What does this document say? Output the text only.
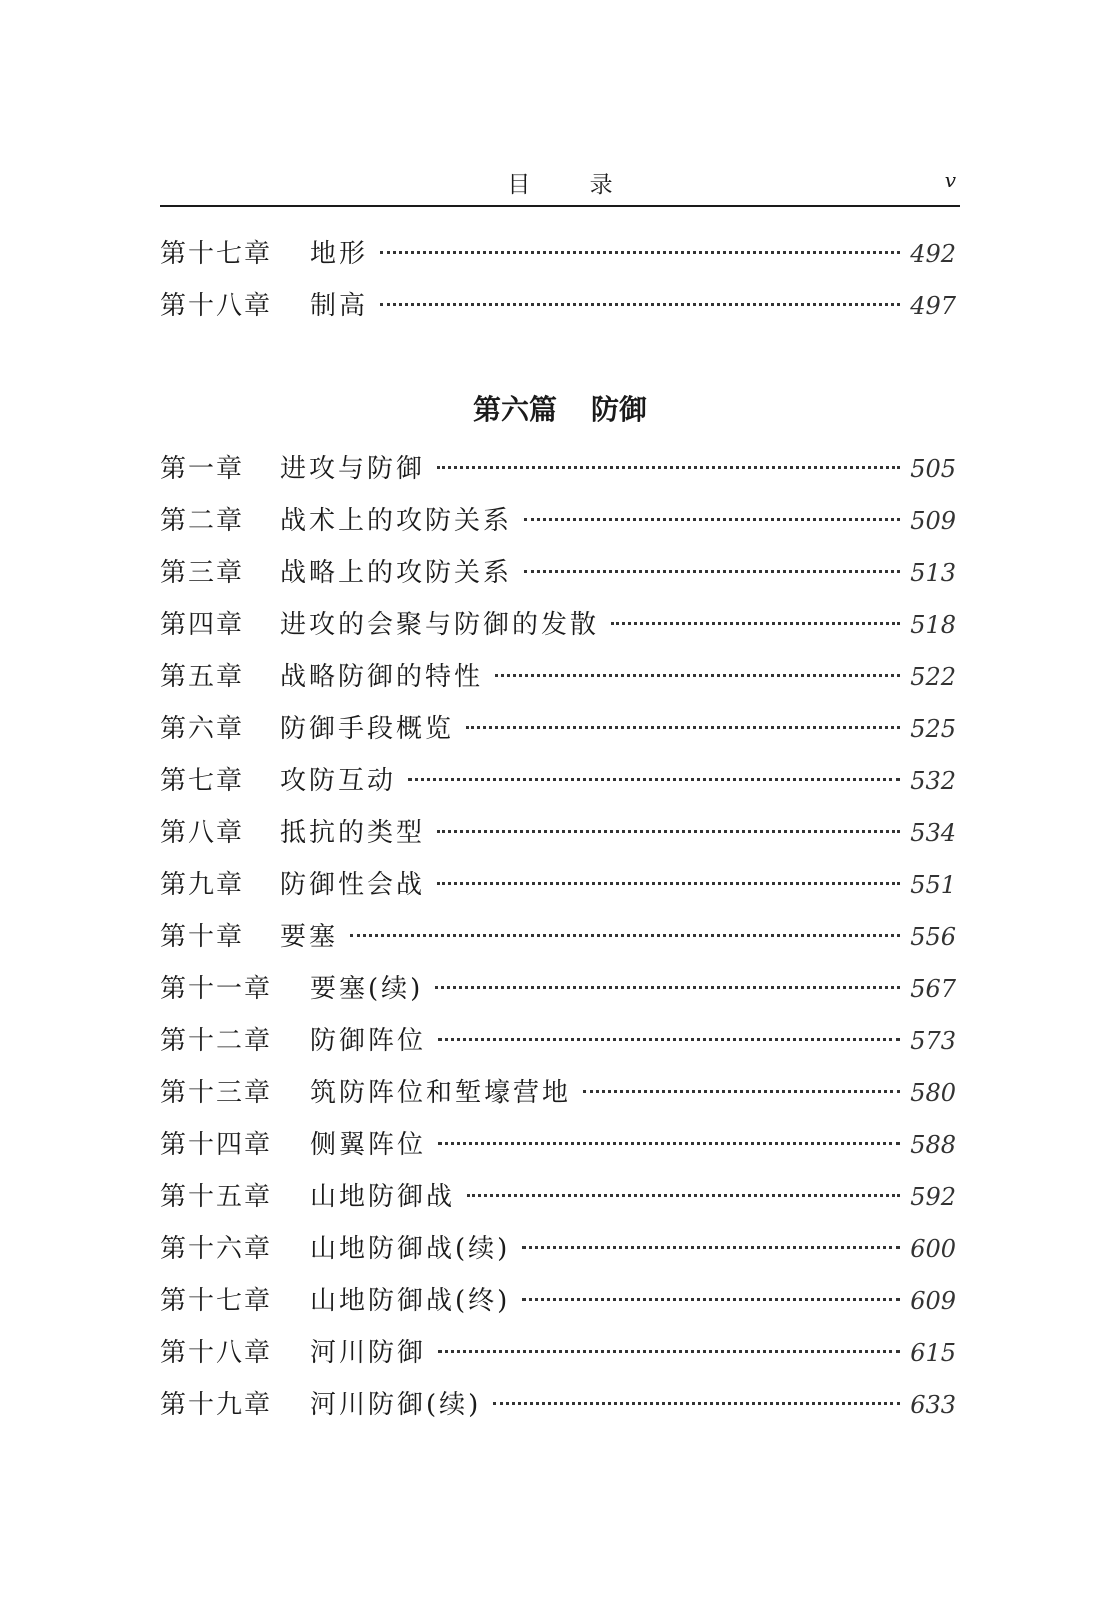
目 录	v
第十七章	地形	492
第十八章	制高	497
第六篇 防御
第一章	进攻与防御	505
第二章	战术上的攻防关系	509
第三章	战略上的攻防关系	513
第四章	进攻的会聚与防御的发散	518
第五章	战略防御的特性	522
第六章	防御手段概览	525
第七章	攻防互动	532
第八章	抵抗的类型	534
第九章	防御性会战	551
第十章	要塞	556
第十一章	要塞(续)	567
第十二章	防御阵位	573
第十三章	筑防阵位和堑壕营地	580
第十四章	侧翼阵位	588
第十五章	山地防御战	592
第十六章	山地防御战(续)	600
第十七章	山地防御战(终)	609
第十八章	河川防御	615
第十九章	河川防御(续)	633
